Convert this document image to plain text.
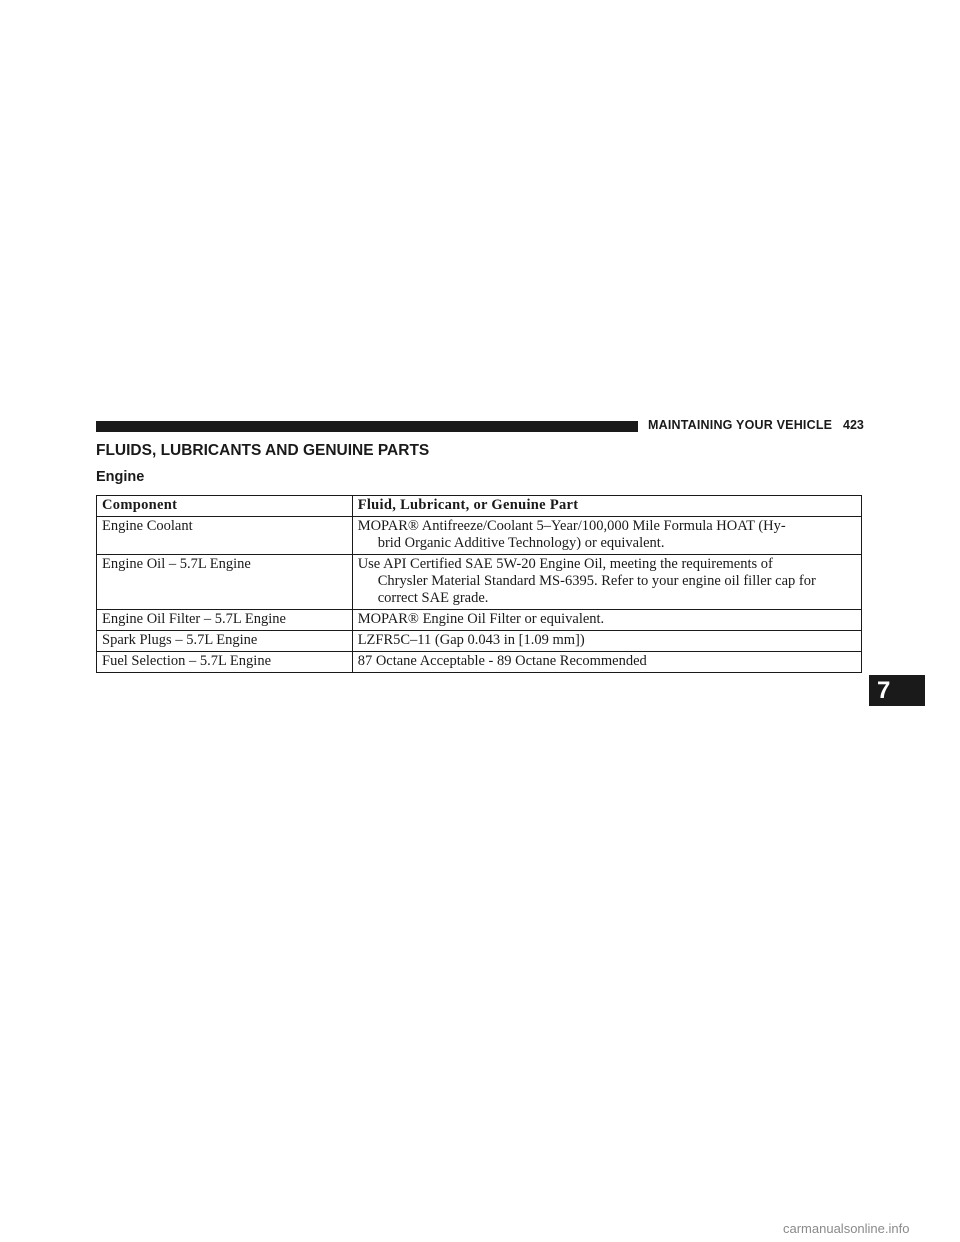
MAINTAINING YOUR VEHICLE 423
FLUIDS, LUBRICANTS AND GENUINE PARTS
Engine
Component	Fluid, Lubricant, or Genuine Part
Engine Coolant	MOPAR® Antifreeze/Coolant 5–Year/100,000 Mile Formula HOAT (Hy-
brid Organic Additive Technology) or equivalent.

Engine Oil – 5.7L Engine	Use API Certified SAE 5W-20 Engine Oil, meeting the requirements of
Chrysler Material Standard MS-6395. Refer to your engine oil filler cap for
correct SAE grade.

Engine Oil Filter – 5.7L Engine	MOPAR® Engine Oil Filter or equivalent.

Spark Plugs – 5.7L Engine	LZFR5C–11 (Gap 0.043 in [1.09 mm])

Fuel Selection – 5.7L Engine	87 Octane Acceptable - 89 Octane Recommended
7
carmanualsonline.info
